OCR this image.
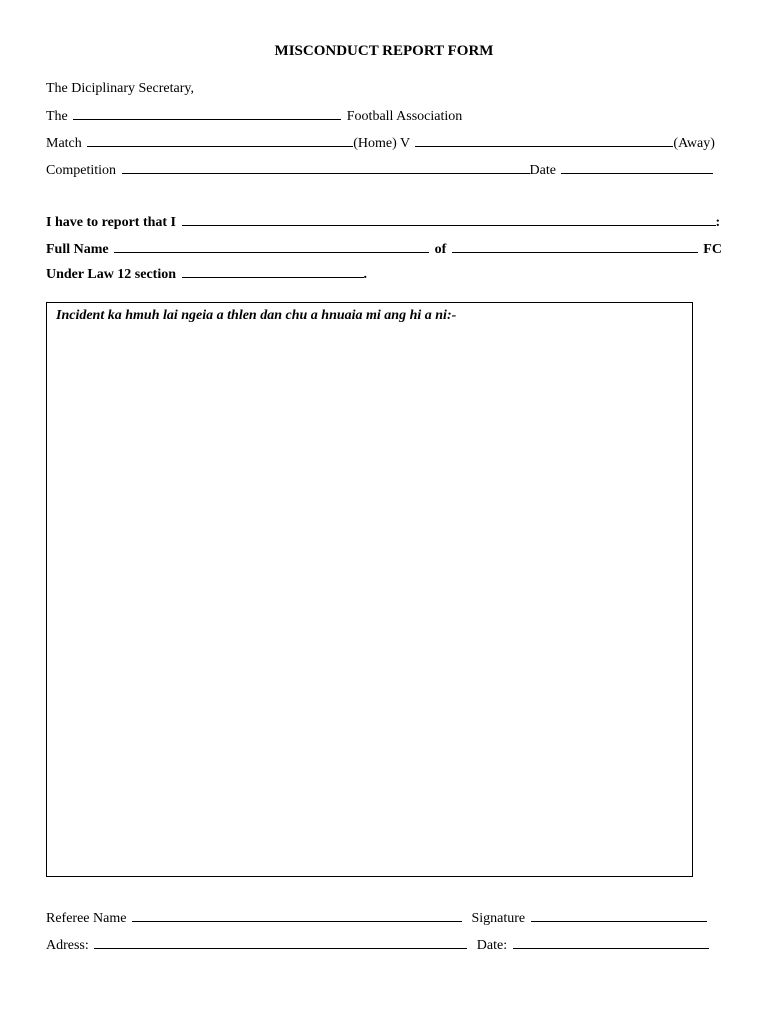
MISCONDUCT REPORT FORM
The Diciplinary Secretary,
The	Football Association
Match	(Home) V	(Away)
Competition	Date
I have to report that I	:
Full Name	of	FC
Under Law 12 section	.
Incident ka hmuh lai ngeia a thlen dan chu a hnuaia mi ang hi a ni:-
Referee Name	Signature
Adress:	Date:
